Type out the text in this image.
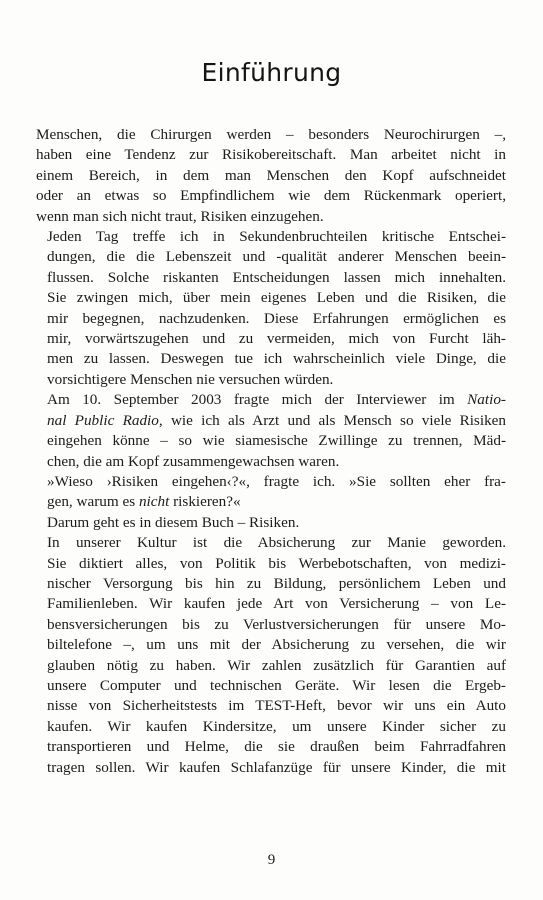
Einführung

Menschen, die Chirurgen werden – besonders Neurochirurgen –,
haben eine Tendenz zur Risikobereitschaft. Man arbeitet nicht in
einem Bereich, in dem man Menschen den Kopf aufschneidet
oder an etwas so Empfindlichem wie dem Rückenmark operiert,
wenn man sich nicht traut, Risiken einzugehen.

Jeden Tag treffe ich in Sekundenbruchteilen kritische Entschei-
dungen, die die Lebenszeit und -qualität anderer Menschen beein-
flussen. Solche riskanten Entscheidungen lassen mich innehalten.
Sie zwingen mich, über mein eigenes Leben und die Risiken, die
mir begegnen, nachzudenken. Diese Erfahrungen ermöglichen es
mir, vorwärtszugehen und zu vermeiden, mich von Furcht läh-
men zu lassen. Deswegen tue ich wahrscheinlich viele Dinge, die
vorsichtigere Menschen nie versuchen würden.

Am 10. September 2003 fragte mich der Interviewer im Natio-
nal Public Radio, wie ich als Arzt und als Mensch so viele Risiken
eingehen könne – so wie siamesische Zwillinge zu trennen, Mäd-
chen, die am Kopf zusammengewachsen waren.

»Wieso ›Risiken eingehen‹?«, fragte ich. »Sie sollten eher fra-
gen, warum es nicht riskieren?«

Darum geht es in diesem Buch – Risiken.

In unserer Kultur ist die Absicherung zur Manie geworden.
Sie diktiert alles, von Politik bis Werbebotschaften, von medizi-
nischer Versorgung bis hin zu Bildung, persönlichem Leben und
Familienleben. Wir kaufen jede Art von Versicherung – von Le-
bensversicherungen bis zu Verlustversicherungen für unsere Mo-
biltelefone –, um uns mit der Absicherung zu versehen, die wir
glauben nötig zu haben. Wir zahlen zusätzlich für Garantien auf
unsere Computer und technischen Geräte. Wir lesen die Ergeb-
nisse von Sicherheitstests im TEST-Heft, bevor wir uns ein Auto
kaufen. Wir kaufen Kindersitze, um unsere Kinder sicher zu
transportieren und Helme, die sie draußen beim Fahrradfahren
tragen sollen. Wir kaufen Schlafanzüge für unsere Kinder, die mit

9
